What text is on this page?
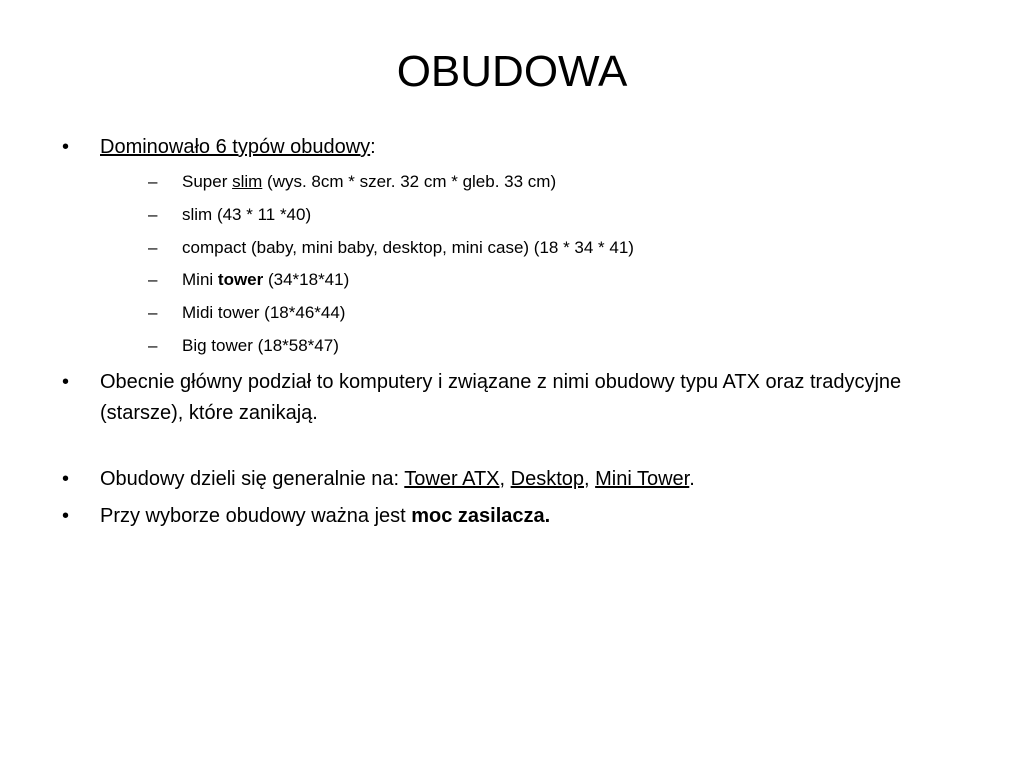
OBUDOWA
•	Dominowało 6 typów obudowy:
– Super slim (wys. 8cm * szer. 32 cm * gleb. 33 cm)
– slim (43 * 11 *40)
– compact (baby, mini baby, desktop, mini case) (18 * 34 * 41)
– Mini tower (34*18*41)
– Midi tower (18*46*44)
– Big tower (18*58*47)
•	Obecnie główny podział to komputery i związane z nimi obudowy typu ATX oraz tradycyjne (starsze), które zanikają.
•	Obudowy dzieli się generalnie na: Tower ATX, Desktop, Mini Tower.
•	Przy wyborze obudowy ważna jest moc zasilacza.
